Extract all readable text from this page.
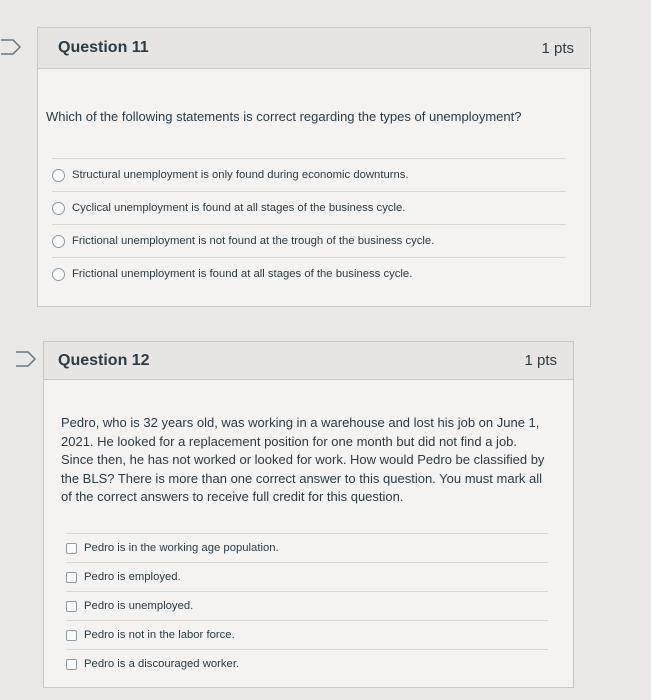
Question 11	1 pts
Which of the following statements is correct regarding the types of unemployment?
Structural unemployment is only found during economic downturns.
Cyclical unemployment is found at all stages of the business cycle.
Frictional unemployment is not found at the trough of the business cycle.
Frictional unemployment is found at all stages of the business cycle.
Question 12	1 pts
Pedro, who is 32 years old, was working in a warehouse and lost his job on June 1, 2021. He looked for a replacement position for one month but did not find a job. Since then, he has not worked or looked for work. How would Pedro be classified by the BLS? There is more than one correct answer to this question. You must mark all of the correct answers to receive full credit for this question.
Pedro is in the working age population.
Pedro is employed.
Pedro is unemployed.
Pedro is not in the labor force.
Pedro is a discouraged worker.
